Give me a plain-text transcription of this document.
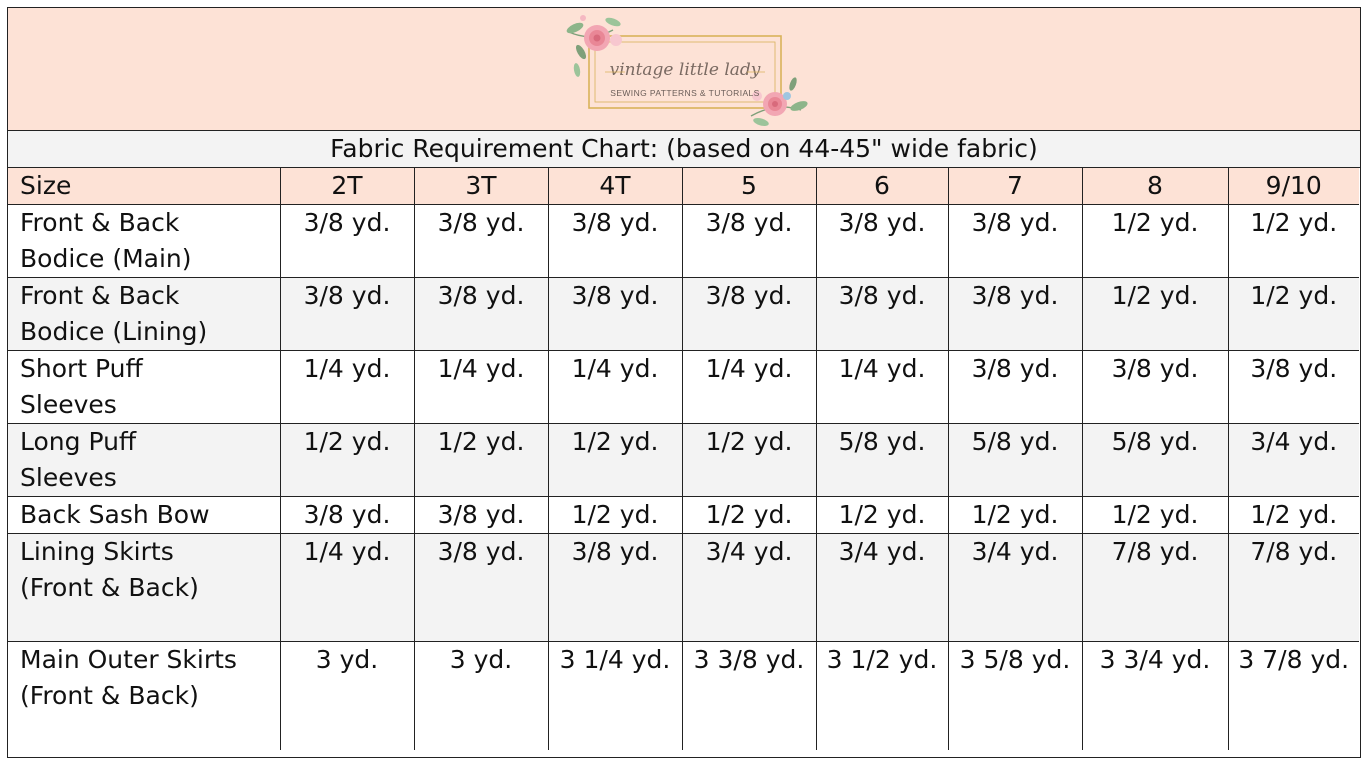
vintage little lady
SEWING PATTERNS & TUTORIALS
Fabric Requirement Chart: (based on 44-45" wide fabric)
Size	2T	3T	4T	5	6	7	8	9/10
Front & Back
Bodice (Main)	3/8 yd.	3/8 yd.	3/8 yd.	3/8 yd.	3/8 yd.	3/8 yd.	1/2 yd.	1/2 yd.
Front & Back
Bodice (Lining)	3/8 yd.	3/8 yd.	3/8 yd.	3/8 yd.	3/8 yd.	3/8 yd.	1/2 yd.	1/2 yd.
Short Puff
Sleeves	1/4 yd.	1/4 yd.	1/4 yd.	1/4 yd.	1/4 yd.	3/8 yd.	3/8 yd.	3/8 yd.
Long Puff
Sleeves	1/2 yd.	1/2 yd.	1/2 yd.	1/2 yd.	5/8 yd.	5/8 yd.	5/8 yd.	3/4 yd.
Back Sash Bow	3/8 yd.	3/8 yd.	1/2 yd.	1/2 yd.	1/2 yd.	1/2 yd.	1/2 yd.	1/2 yd.
Lining Skirts
(Front & Back)	1/4 yd.	3/8 yd.	3/8 yd.	3/4 yd.	3/4 yd.	3/4 yd.	7/8 yd.	7/8 yd.
Main Outer Skirts
(Front & Back)	3 yd.	3 yd.	3 1/4 yd.	3 3/8 yd.	3 1/2 yd.	3 5/8 yd.	3 3/4 yd.	3 7/8 yd.
